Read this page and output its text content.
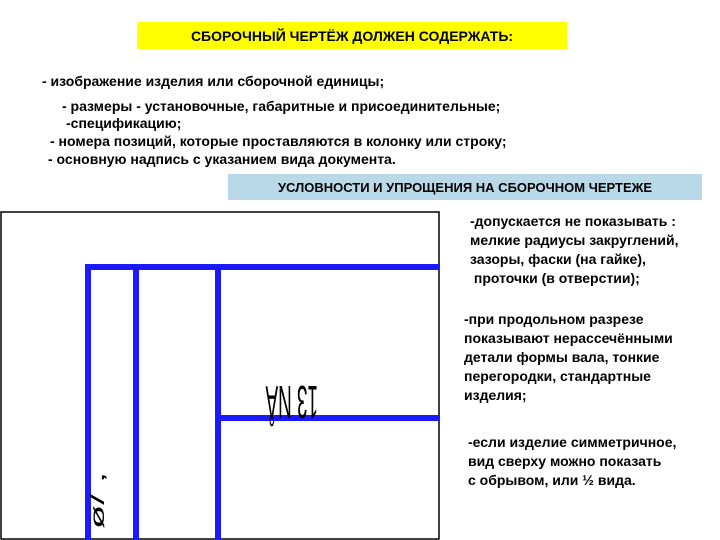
СБОРОЧНЫЙ ЧЕРТЁЖ ДОЛЖЕН СОДЕРЖАТЬ:
- изображение изделия или сборочной единицы;
- размеры - установочные, габаритные и присоединительные;
-спецификацию;
- номера позиций, которые проставляются в колонку или строку;
- основную надпись с указанием вида документа.
УСЛОВНОСТИ И УПРОЩЕНИЯ НА СБОРОЧНОМ ЧЕРТЕЖЕ
13 NÅ
ø/ ,
-допускается не показывать :
мелкие радиусы закруглений,
зазоры, фаски (на гайке),
проточки (в отверстии);
-при продольном разрезе
показывают нерассечёнными
детали формы вала, тонкие
перегородки, стандартные
изделия;
-если изделие симметричное,
вид сверху можно показать
с обрывом, или ½ вида.
